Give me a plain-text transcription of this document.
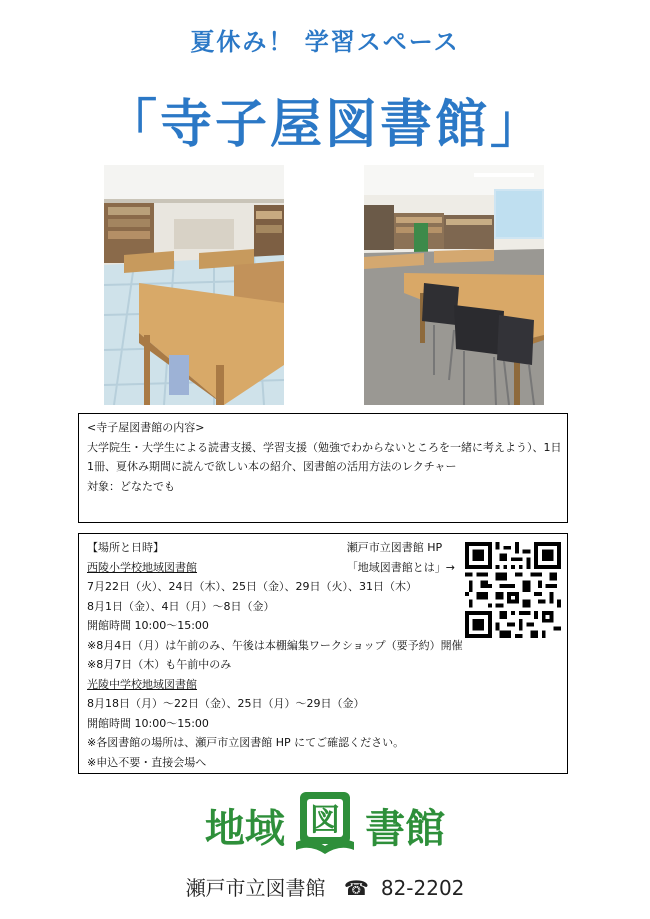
夏休み！ 学習スペース
「寺子屋図書館」
<寺子屋図書館の内容>
大学院生・大学生による読書支援、学習支援（勉強でわからないところを一緒に考えよう）、1日
1冊、夏休み期間に読んで欲しい本の紹介、図書館の活用方法のレクチャー
対象：どなたでも
【場所と日時】
西陵小学校地域図書館
7月22日（火）、24日（木）、25日（金）、29日（火）、31日（木）
8月1日（金）、4日（月）～8日（金）
開館時間 10:00～15:00
※8月4日（月）は午前のみ、午後は本棚編集ワークショップ（要予約）開催
※8月7日（木）も午前中のみ
光陵中学校地域図書館
8月18日（月）～22日（金）、25日（月）～29日（金）
開館時間 10:00～15:00
※各図書館の場所は、瀬戸市立図書館 HP にてご確認ください。
※申込不要・直接会場へ
瀬戸市立図書館 HP
「地域図書館とは」→
地域 図 書館
瀬戸市立図書館 ☎ 82-2202
